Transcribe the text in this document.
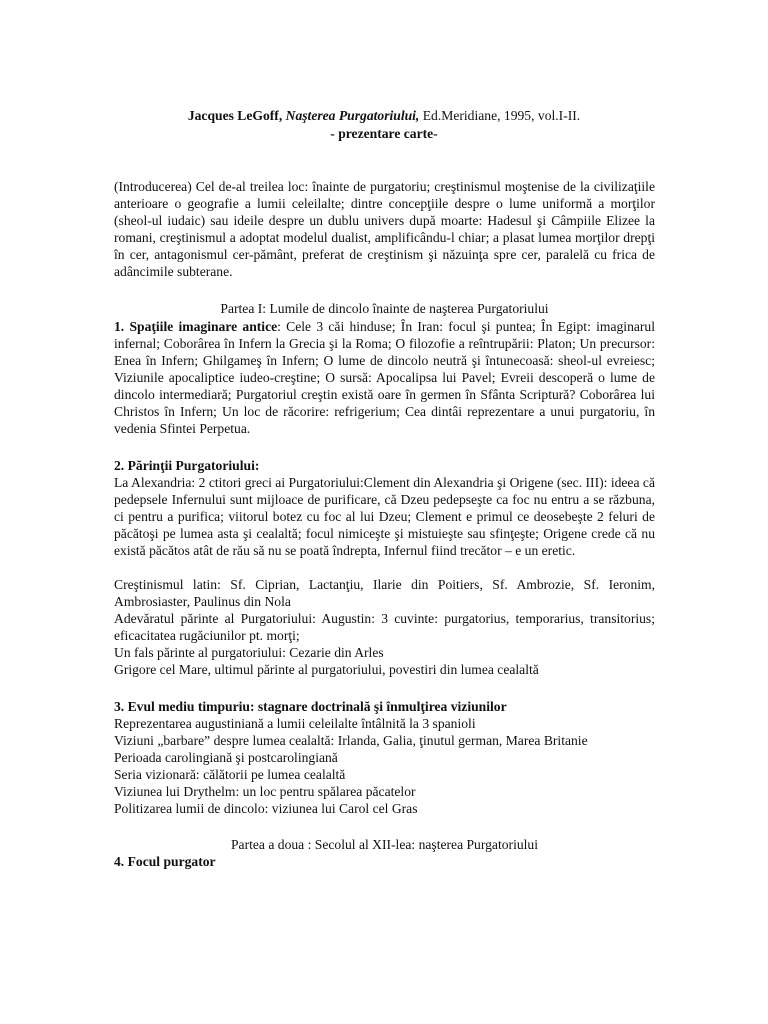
Jacques LeGoff, Naşterea Purgatoriului, Ed.Meridiane, 1995, vol.I-II.
- prezentare carte-

(Introducerea) Cel de-al treilea loc: înainte de purgatoriu; creştinismul moştenise de la civilizaţiile anterioare o geografie a lumii celeilalte; dintre concepţiile despre o lume uniformă a morţilor (sheol-ul iudaic) sau ideile despre un dublu univers după moarte: Hadesul şi Câmpiile Elizee la romani, creştinismul a adoptat modelul dualist, amplificându-l chiar; a plasat lumea morţilor drepţi în cer, antagonismul cer-pământ, preferat de creştinism şi năzuinţa spre cer, paralelă cu frica de adâncimile subterane.

Partea I: Lumile de dincolo înainte de naşterea Purgatoriului

1. Spaţiile imaginare antice: Cele 3 căi hinduse; În Iran: focul şi puntea; În Egipt: imaginarul infernal; Coborârea în Infern la Grecia şi la Roma; O filozofie a reîntrupării: Platon; Un precursor: Enea în Infern; Ghilgameş în Infern; O lume de dincolo neutră şi întunecoasă: sheol-ul evreiesc; Viziunile apocaliptice iudeo-creştine; O sursă: Apocalipsa lui Pavel; Evreii descoperă o lume de dincolo intermediară; Purgatoriul creştin există oare în germen în Sfânta Scriptură? Coborârea lui Christos în Infern; Un loc de răcorire: refrigerium; Cea dintâi reprezentare a unui purgatoriu, în vedenia Sfintei Perpetua.

2. Părinţii Purgatoriului:

La Alexandria: 2 ctitori greci ai Purgatoriului:Clement din Alexandria şi Origene (sec. III): ideea că pedepsele Infernului sunt mijloace de purificare, că Dzeu pedepseşte ca foc nu entru a se răzbuna, ci pentru a purifica; viitorul botez cu foc al lui Dzeu; Clement e primul ce deosebeşte 2 feluri de păcătoşi pe lumea asta şi cealaltă; focul nimiceşte şi mistuieşte sau sfinţeşte; Origene crede că nu există păcătos atât de rău să nu se poată îndrepta, Infernul fiind trecător – e un eretic.

Creştinismul latin: Sf. Ciprian, Lactanţiu, Ilarie din Poitiers, Sf. Ambrozie, Sf. Ieronim, Ambrosiaster, Paulinus din Nola

Adevăratul părinte al Purgatoriului: Augustin: 3 cuvinte: purgatorius, temporarius, transitorius; eficacitatea rugăciunilor pt. morţi;

Un fals părinte al purgatoriului: Cezarie din Arles

Grigore cel Mare, ultimul părinte al purgatoriului, povestiri din lumea cealaltă

3. Evul mediu timpuriu: stagnare doctrinală şi înmulţirea viziunilor

Reprezentarea augustiniană a lumii celeilalte întâlnită la 3 spanioli

Viziuni „barbare” despre lumea cealaltă: Irlanda, Galia, ţinutul german, Marea Britanie

Perioada carolingiană şi postcarolingiană

Seria vizionară: călătorii pe lumea cealaltă

Viziunea lui Drythelm: un loc pentru spălarea păcatelor

Politizarea lumii de dincolo: viziunea lui Carol cel Gras

Partea a doua : Secolul al XII-lea: naşterea Purgatoriului

4. Focul purgator
